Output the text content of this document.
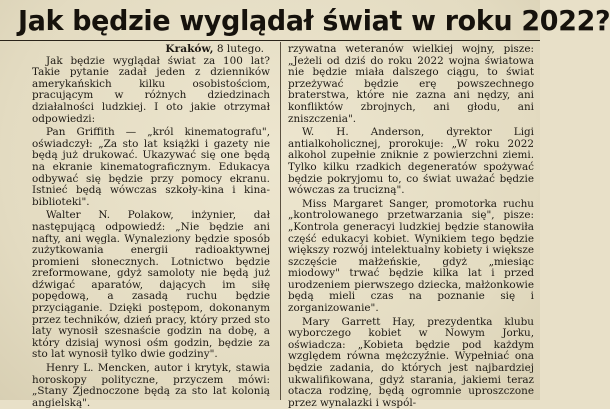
Jak będzie wyglądał świat w roku 2022?
Kraków, 8 lutego.

Jak będzie wyglądał świat za 100 lat? Takie pytanie zadał jeden z dzienników amerykańskich kilku osobistościom, pracującym w różnych dziedzinach działalności ludzkiej. I oto jakie otrzymał odpowiedzi:

Pan Griffith — „król kinematografu", oświadczył: „Za sto lat książki i gazety nie będą już drukować. Ukazywać się one będą na ekranie kinematograficznym. Edukacya odbywać się będzie przy pomocy ekranu. Istnieć będą wówczas szkoły-kina i kina-biblioteki".

Walter N. Polakow, inżynier, dał następującą odpowiedź: „Nie będzie ani nafty, ani węgla. Wynaleziony będzie sposób zużytkowania energii radioaktywnej promieni słonecznych. Lotnictwo będzie zreformowane, gdyż samoloty nie będą już dźwigać aparatów, dających im siłę popędową, a zasadą ruchu będzie przyciąganie. Dzięki postępom, dokonanym przez techników, dzień pracy, który przed sto laty wynosił szesnaście godzin na dobę, a który dzisiaj wynosi ośm godzin, będzie za sto lat wynosił tylko dwie godziny".

Henry L. Mencken, autor i krytyk, stawia horoskopy polityczne, przyczem mówi: „Stany Zjednoczone będą za sto lat kolonią angielską".

rzywatna weteranów wielkiej wojny, pisze: „Jeżeli od dziś do roku 2022 wojna światowa nie będzie miała dalszego ciągu, to świat przeżywać będzie erę powszechnego braterstwa, które nie zazna ani nędzy, ani konfliktów zbrojnych, ani głodu, ani zniszczenia".

W. H. Anderson, dyrektor Ligi antialkoholicznej, prorokuje: „W roku 2022 alkohol zupełnie zniknie z powierzchni ziemi. Tylko kilku rzadkich degeneratów spożywać będzie pokryjomu to, co świat uważać będzie wówczas za trucizną".

Miss Margaret Sanger, promotorka ruchu „kontrolowanego przetwarzania się", pisze: „Kontrola generacyi ludzkiej będzie stanowiła część edukacyi kobiet. Wynikiem tego będzie większy rozwój intelektualny kobiety i większe szczęście małżeńskie, gdyż „miesiąc miodowy" trwać będzie kilka lat i przed urodzeniem pierwszego dziecka, małżonkowie będą mieli czas na poznanie się i zorganizowanie".

Mary Garrett Hay, prezydentka klubu wyborczego kobiet w Nowym Jorku, oświadcza: „Kobieta będzie pod każdym względem równa mężczyźnie. Wypełniać ona będzie zadania, do których jest najbardziej ukwalifikowana, gdyż starania, jakiemi teraz otacza rodzinę, będą ogromnie uproszczone przez wynalazki i wspól-
